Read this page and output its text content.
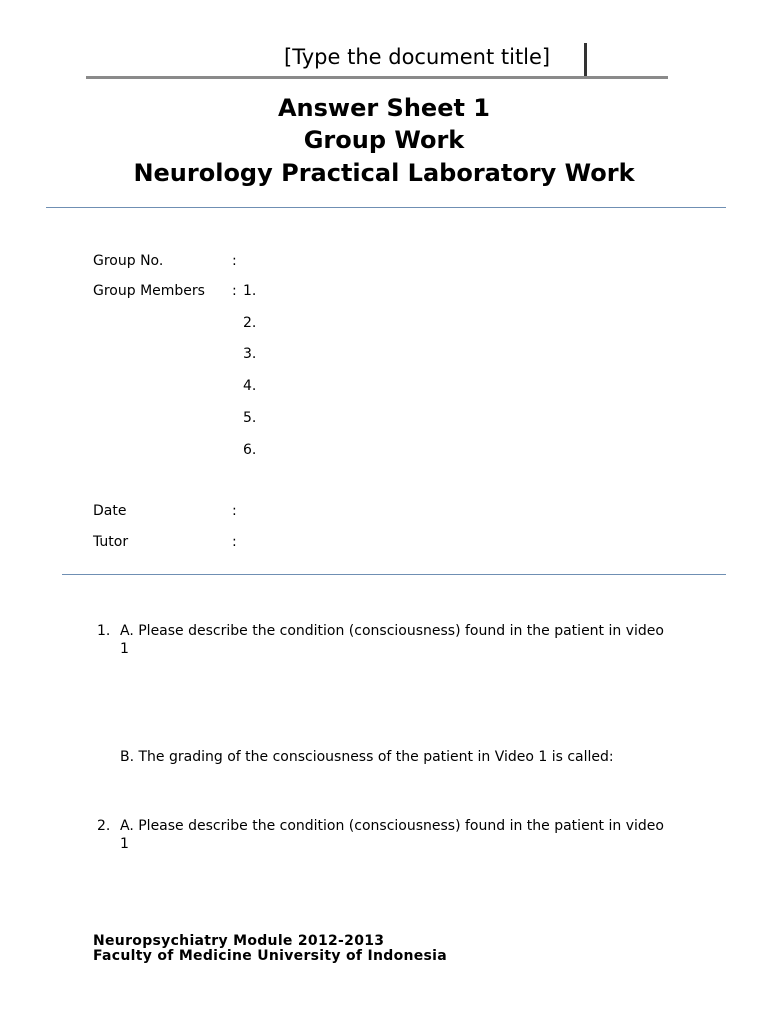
[Type the document title]
Answer Sheet 1
Group Work
Neurology Practical Laboratory Work
Group No.	:
Group Members : 1.
2.
3.
4.
5.
6.
Date	:
Tutor	:
1. A. Please describe the condition (consciousness) found in the patient in video
1
B. The grading of the consciousness of the patient in Video 1 is called:
2. A. Please describe the condition (consciousness) found in the patient in video
1
Neuropsychiatry Module 2012-2013
Faculty of Medicine University of Indonesia
